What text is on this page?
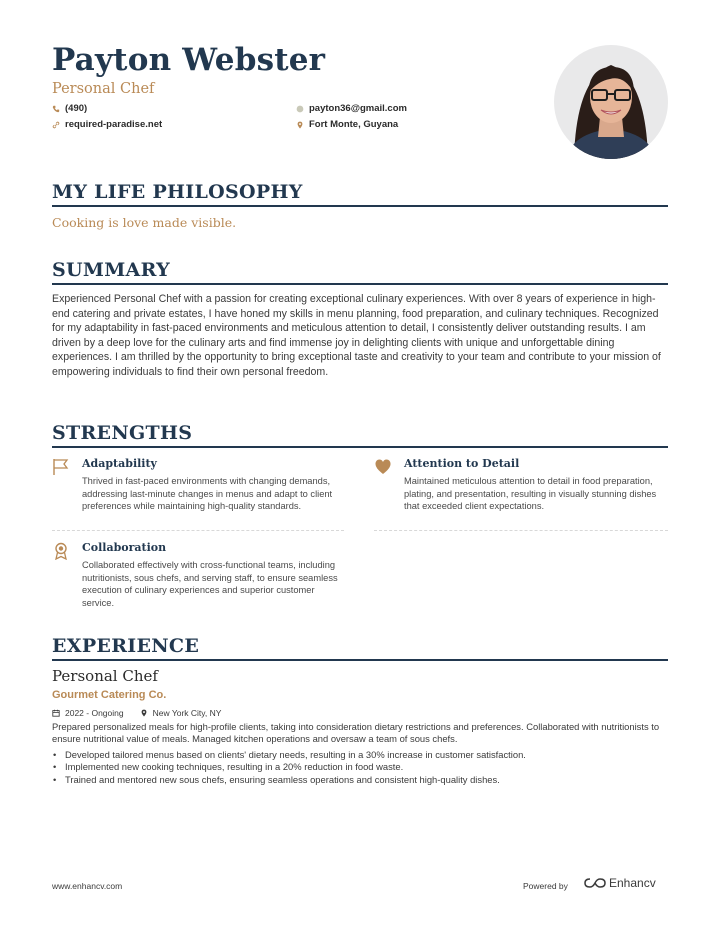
Payton Webster
Personal Chef
(490)
required-paradise.net
payton36@gmail.com
Fort Monte, Guyana
MY LIFE PHILOSOPHY
Cooking is love made visible.
SUMMARY
Experienced Personal Chef with a passion for creating exceptional culinary experiences. With over 8 years of experience in high-end catering and private estates, I have honed my skills in menu planning, food preparation, and culinary techniques. Recognized for my adaptability in fast-paced environments and meticulous attention to detail, I consistently deliver outstanding results. I am driven by a deep love for the culinary arts and find immense joy in delighting clients with unique and unforgettable dining experiences. I am thrilled by the opportunity to bring exceptional taste and creativity to your team and contribute to your mission of empowering individuals to find their own personal freedom.
STRENGTHS
Adaptability
Thrived in fast-paced environments with changing demands, addressing last-minute changes in menus and adapt to client preferences while maintaining high-quality standards.
Attention to Detail
Maintained meticulous attention to detail in food preparation, plating, and presentation, resulting in visually stunning dishes that exceeded client expectations.
Collaboration
Collaborated effectively with cross-functional teams, including nutritionists, sous chefs, and serving staff, to ensure seamless execution of culinary experiences and superior customer service.
EXPERIENCE
Personal Chef
Gourmet Catering Co.
2022 - Ongoing	New York City, NY
Prepared personalized meals for high-profile clients, taking into consideration dietary restrictions and preferences. Collaborated with nutritionists to ensure nutritional value of meals. Managed kitchen operations and oversaw a team of sous chefs.
• Developed tailored menus based on clients' dietary needs, resulting in a 30% increase in customer satisfaction.
• Implemented new cooking techniques, resulting in a 20% reduction in food waste.
• Trained and mentored new sous chefs, ensuring seamless operations and consistent high-quality dishes.
www.enhancv.com	Powered by	Enhancv
